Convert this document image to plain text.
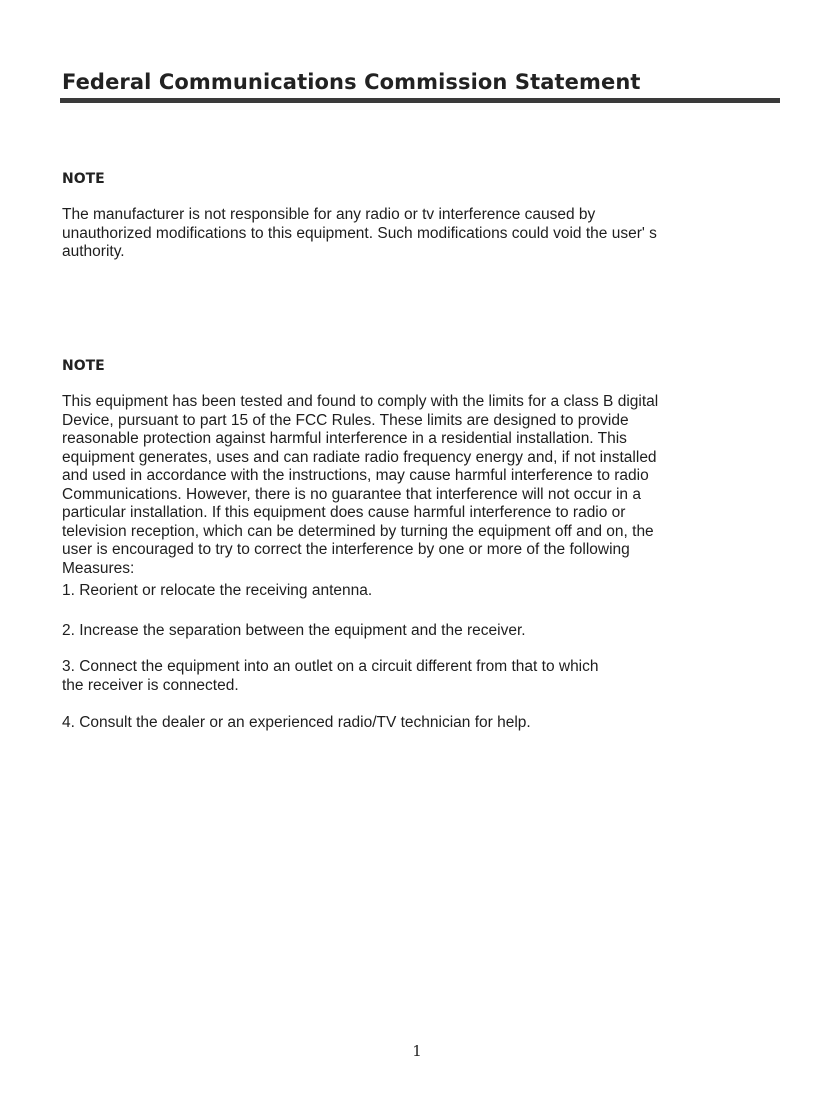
Federal Communications Commission Statement
NOTE

The manufacturer is not responsible for any radio or tv interference caused by
unauthorized modifications to this equipment. Such modifications could void the user' s
authority.

NOTE

This equipment has been tested and found to comply with the limits for a class B digital
Device, pursuant to part 15 of the FCC Rules. These limits are designed to provide
reasonable protection against harmful interference in a residential installation. This
equipment generates, uses and can radiate radio frequency energy and, if not installed
and used in accordance with the instructions, may cause harmful interference to radio
Communications. However, there is no guarantee that interference will not occur in a
particular installation. If this equipment does cause harmful interference to radio or
television reception, which can be determined by turning the equipment off and on, the
user is encouraged to try to correct the interference by one or more of the following
Measures:

1. Reorient or relocate the receiving antenna.

2. Increase the separation between the equipment and the receiver.

3. Connect the equipment into an outlet on a circuit different from that to which
the receiver is connected.

4. Consult the dealer or an experienced radio/TV technician for help.

1
